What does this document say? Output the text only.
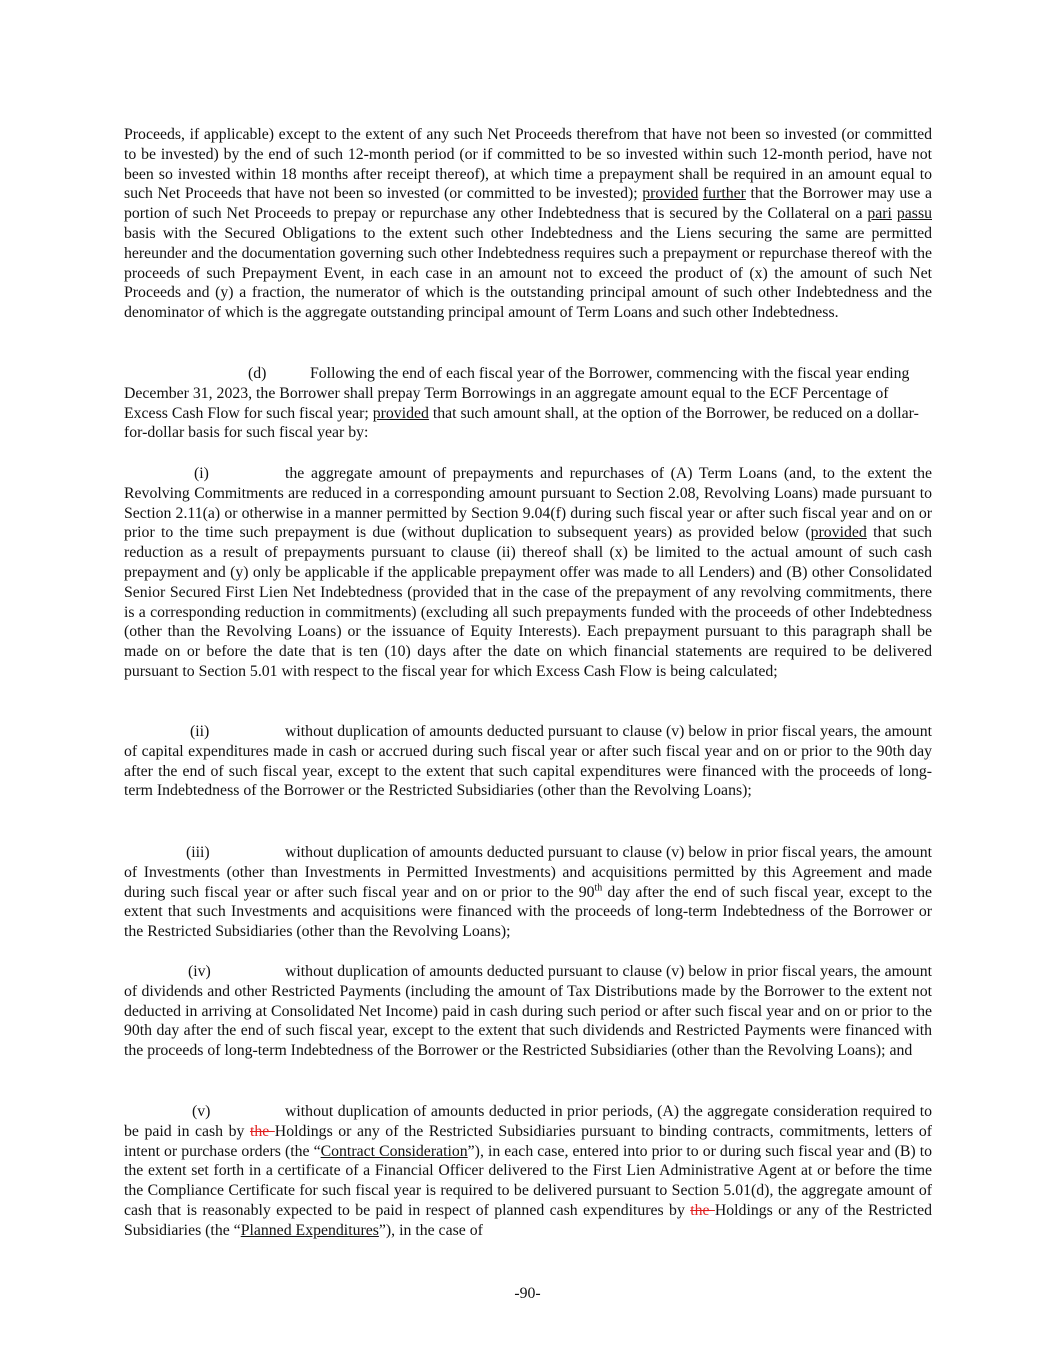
Proceeds, if applicable) except to the extent of any such Net Proceeds therefrom that have not been so invested (or committed to be invested) by the end of such 12-month period (or if committed to be so invested within such 12-month period, have not been so invested within 18 months after receipt thereof), at which time a prepayment shall be required in an amount equal to such Net Proceeds that have not been so invested (or committed to be invested); provided further that the Borrower may use a portion of such Net Proceeds to prepay or repurchase any other Indebtedness that is secured by the Collateral on a pari passu basis with the Secured Obligations to the extent such other Indebtedness and the Liens securing the same are permitted hereunder and the documentation governing such other Indebtedness requires such a prepayment or repurchase thereof with the proceeds of such Prepayment Event, in each case in an amount not to exceed the product of (x) the amount of such Net Proceeds and (y) a fraction, the numerator of which is the outstanding principal amount of such other Indebtedness and the denominator of which is the aggregate outstanding principal amount of Term Loans and such other Indebtedness.

(d)	Following the end of each fiscal year of the Borrower, commencing with the fiscal year ending December 31, 2023, the Borrower shall prepay Term Borrowings in an aggregate amount equal to the ECF Percentage of Excess Cash Flow for such fiscal year; provided that such amount shall, at the option of the Borrower, be reduced on a dollar-for-dollar basis for such fiscal year by:

(i)	the aggregate amount of prepayments and repurchases of (A) Term Loans (and, to the extent the Revolving Commitments are reduced in a corresponding amount pursuant to Section 2.08, Revolving Loans) made pursuant to Section 2.11(a) or otherwise in a manner permitted by Section 9.04(f) during such fiscal year or after such fiscal year and on or prior to the time such prepayment is due (without duplication to subsequent years) as provided below (provided that such reduction as a result of prepayments pursuant to clause (ii) thereof shall (x) be limited to the actual amount of such cash prepayment and (y) only be applicable if the applicable prepayment offer was made to all Lenders) and (B) other Consolidated Senior Secured First Lien Net Indebtedness (provided that in the case of the prepayment of any revolving commitments, there is a corresponding reduction in commitments) (excluding all such prepayments funded with the proceeds of other Indebtedness (other than the Revolving Loans) or the issuance of Equity Interests). Each prepayment pursuant to this paragraph shall be made on or before the date that is ten (10) days after the date on which financial statements are required to be delivered pursuant to Section 5.01 with respect to the fiscal year for which Excess Cash Flow is being calculated;

(ii)	without duplication of amounts deducted pursuant to clause (v) below in prior fiscal years, the amount of capital expenditures made in cash or accrued during such fiscal year or after such fiscal year and on or prior to the 90th day after the end of such fiscal year, except to the extent that such capital expenditures were financed with the proceeds of long-term Indebtedness of the Borrower or the Restricted Subsidiaries (other than the Revolving Loans);

(iii)	without duplication of amounts deducted pursuant to clause (v) below in prior fiscal years, the amount of Investments (other than Investments in Permitted Investments) and acquisitions permitted by this Agreement and made during such fiscal year or after such fiscal year and on or prior to the 90th day after the end of such fiscal year, except to the extent that such Investments and acquisitions were financed with the proceeds of long-term Indebtedness of the Borrower or the Restricted Subsidiaries (other than the Revolving Loans);

(iv)	without duplication of amounts deducted pursuant to clause (v) below in prior fiscal years, the amount of dividends and other Restricted Payments (including the amount of Tax Distributions made by the Borrower to the extent not deducted in arriving at Consolidated Net Income) paid in cash during such period or after such fiscal year and on or prior to the 90th day after the end of such fiscal year, except to the extent that such dividends and Restricted Payments were financed with the proceeds of long-term Indebtedness of the Borrower or the Restricted Subsidiaries (other than the Revolving Loans); and

(v)	without duplication of amounts deducted in prior periods, (A) the aggregate consideration required to be paid in cash by the Holdings or any of the Restricted Subsidiaries pursuant to binding contracts, commitments, letters of intent or purchase orders (the “Contract Consideration”), in each case, entered into prior to or during such fiscal year and (B) to the extent set forth in a certificate of a Financial Officer delivered to the First Lien Administrative Agent at or before the time the Compliance Certificate for such fiscal year is required to be delivered pursuant to Section 5.01(d), the aggregate amount of cash that is reasonably expected to be paid in respect of planned cash expenditures by the Holdings or any of the Restricted Subsidiaries (the “Planned Expenditures”), in the case of

-90-
